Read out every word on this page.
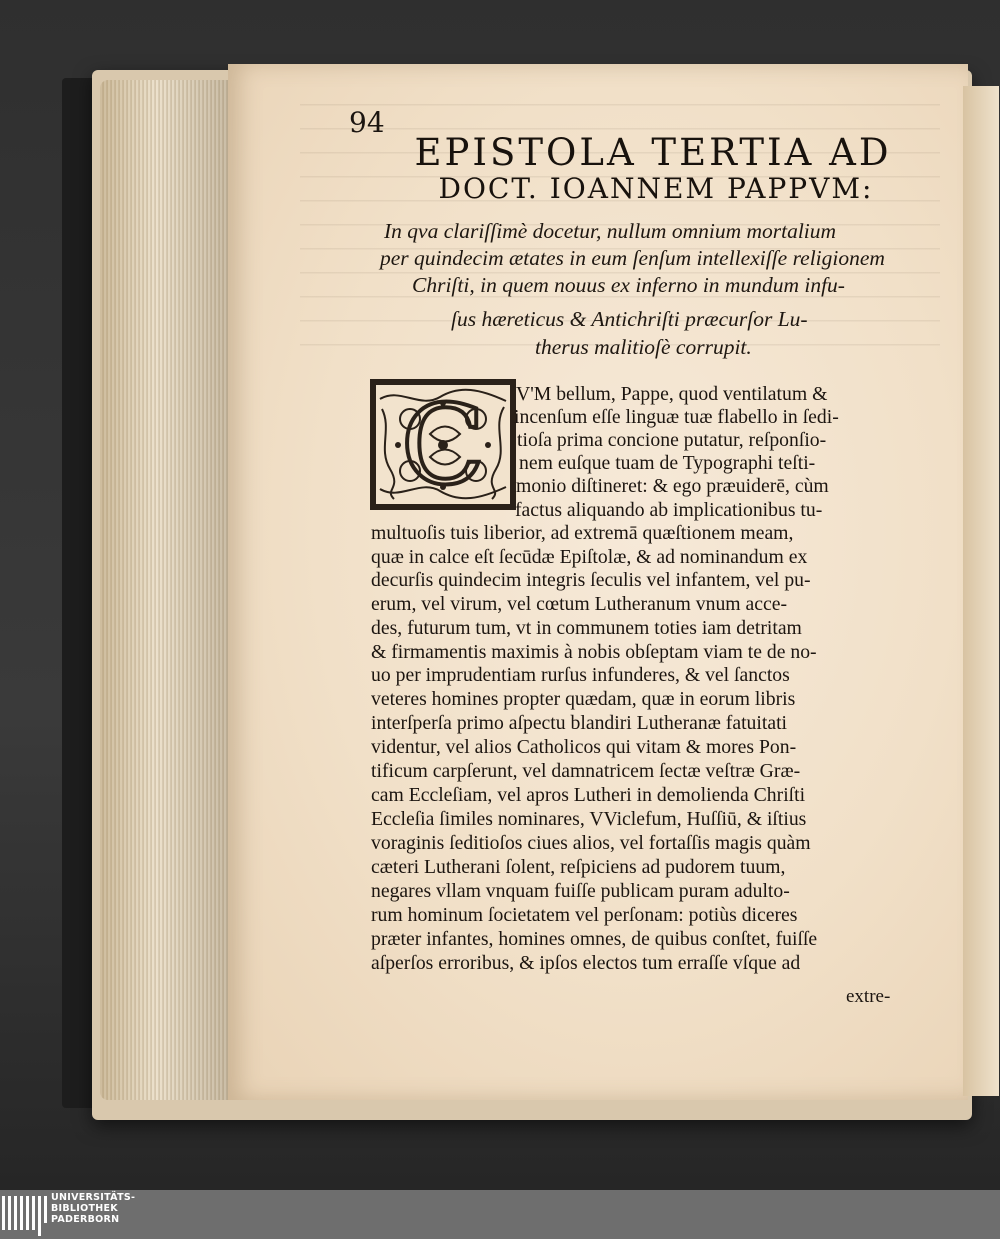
94
EPISTOLA TERTIA AD
DOCT. IOANNEM PAPPVM:
In qva clariſſimè docetur, nullum omnium mortalium
per quindecim ætates in eum ſenſum intellexiſſe religionem
Chriſti, in quem nouus ex inferno in mundum infu-
ſus hæreticus & Antichriſti præcurſor Lu-
therus malitioſè corrupit.
C V'M bellum, Pappe, quod ventilatum &
incenſum eſſe linguæ tuæ flabello in ſedi-
tioſa prima concione putatur, reſponſio-
nem euſque tuam de Typographi teſti-
monio diſtineret: & ego præuiderē, cùm
factus aliquando ab implicationibus tu-
multuoſis tuis liberior, ad extremā quæſtionem meam,
quæ in calce eſt ſecūdæ Epiſtolæ, & ad nominandum ex
decurſis quindecim integris ſeculis vel infantem, vel pu-
erum, vel virum, vel cœtum Lutheranum vnum acce-
des, futurum tum, vt in communem toties iam detritam
& firmamentis maximis à nobis obſeptam viam te de no-
uo per imprudentiam rurſus infunderes, & vel ſanctos
veteres homines propter quædam, quæ in eorum libris
interſperſa primo aſpectu blandiri Lutheranæ fatuitati
videntur, vel alios Catholicos qui vitam & mores Pon-
tificum carpſerunt, vel damnatricem ſectæ veſtræ Græ-
cam Eccleſiam, vel apros Lutheri in demolienda Chriſti
Eccleſia ſimiles nominares, VViclefum, Huſſiū, & iſtius
voraginis ſeditioſos ciues alios, vel fortaſſis magis quàm
cæteri Lutherani ſolent, reſpiciens ad pudorem tuum,
negares vllam vnquam fuiſſe publicam puram adulto-
rum hominum ſocietatem vel perſonam: potiùs diceres
præter infantes, homines omnes, de quibus conſtet, fuiſſe
aſperſos erroribus, & ipſos electos tum erraſſe vſque ad
extre-
UNIVERSITÄTS-
BIBLIOTHEK
PADERBORN
